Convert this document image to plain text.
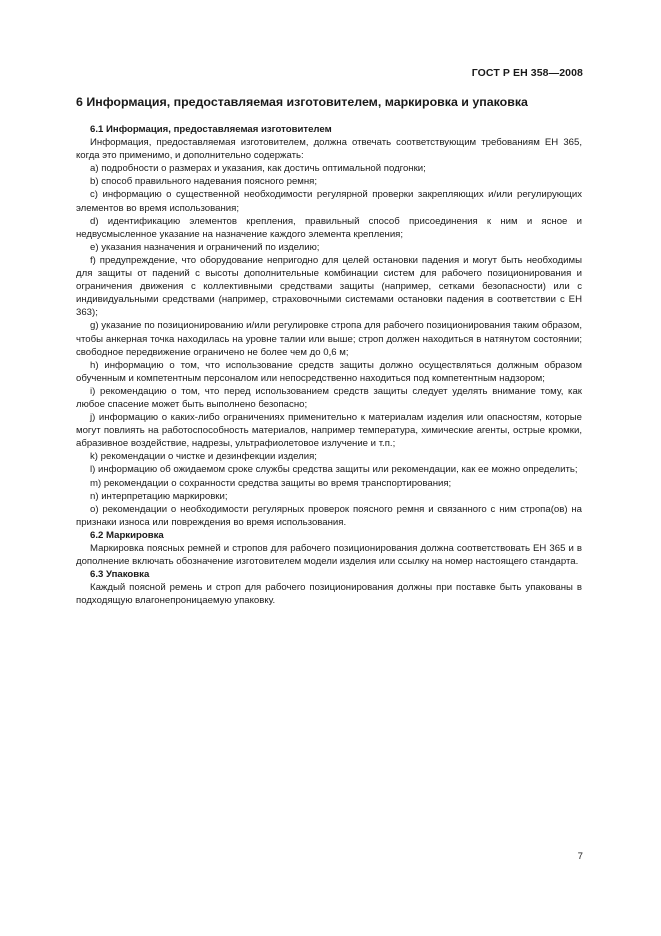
ГОСТ Р ЕН 358—2008
6 Информация, предоставляемая изготовителем, маркировка и упаковка

6.1 Информация, предоставляемая изготовителем

Информация, предоставляемая изготовителем, должна отвечать соответствующим требованиям ЕН 365, когда это применимо, и дополнительно содержать:

a) подробности о размерах и указания, как достичь оптимальной подгонки;

b) способ правильного надевания поясного ремня;

c) информацию о существенной необходимости регулярной проверки закрепляющих и/или регулирующих элементов во время использования;

d) идентификацию элементов крепления, правильный способ присоединения к ним и ясное и недвусмысленное указание на назначение каждого элемента крепления;

e) указания назначения и ограничений по изделию;

f) предупреждение, что оборудование непригодно для целей остановки падения и могут быть необходимы для защиты от падений с высоты дополнительные комбинации систем для рабочего позиционирования и ограничения движения с коллективными средствами защиты (например, сетками безопасности) или с индивидуальными средствами (например, страховочными системами остановки падения в соответствии с ЕН 363);

g) указание по позиционированию и/или регулировке стропа для рабочего позиционирования таким образом, чтобы анкерная точка находилась на уровне талии или выше; строп должен находиться в натянутом состоянии; свободное передвижение ограничено не более чем до 0,6 м;

h) информацию о том, что использование средств защиты должно осуществляться должным образом обученным и компетентным персоналом или непосредственно находиться под компетентным надзором;

i) рекомендацию о том, что перед использованием средств защиты следует уделять внимание тому, как любое спасение может быть выполнено безопасно;

j) информацию о каких-либо ограничениях применительно к материалам изделия или опасностям, которые могут повлиять на работоспособность материалов, например температура, химические агенты, острые кромки, абразивное воздействие, надрезы, ультрафиолетовое излучение и т.п.;

k) рекомендации о чистке и дезинфекции изделия;

l) информацию об ожидаемом сроке службы средства защиты или рекомендации, как ее можно определить;

m) рекомендации о сохранности средства защиты во время транспортирования;

n) интерпретацию маркировки;

o) рекомендации о необходимости регулярных проверок поясного ремня и связанного с ним стропа(ов) на признаки износа или повреждения во время использования.

6.2 Маркировка

Маркировка поясных ремней и стропов для рабочего позиционирования должна соответствовать ЕН 365 и в дополнение включать обозначение изготовителем модели изделия или ссылку на номер настоящего стандарта.

6.3 Упаковка

Каждый поясной ремень и строп для рабочего позиционирования должны при поставке быть упакованы в подходящую влагонепроницаемую упаковку.

7
